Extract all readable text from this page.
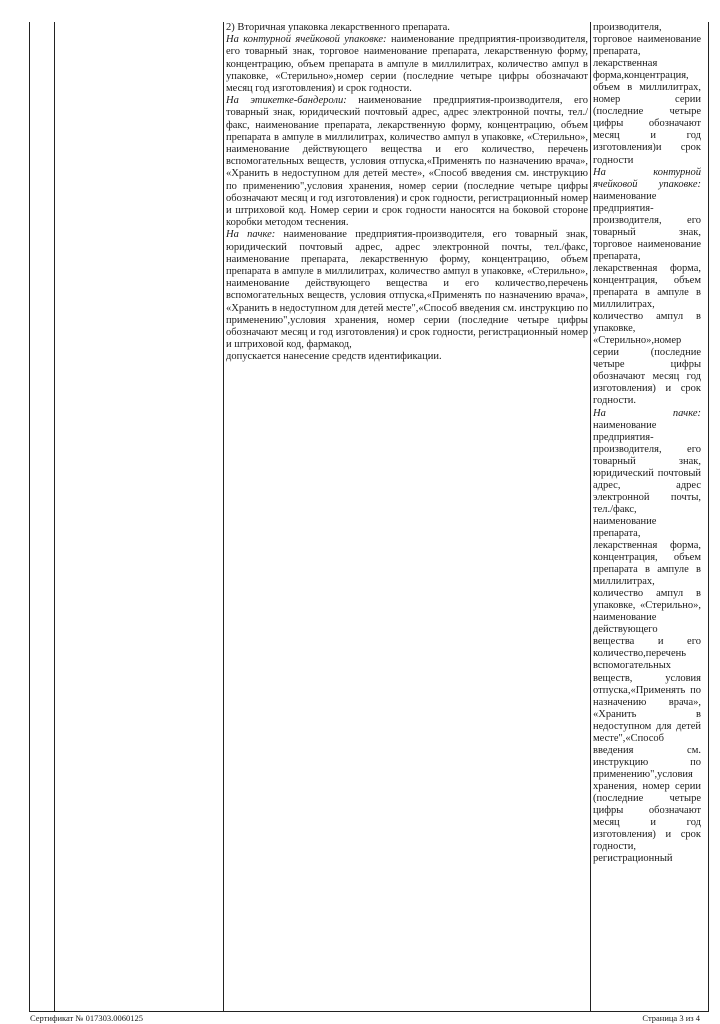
2) Вторичная упаковка лекарственного препарата.

На контурной ячейковой упаковке: наименование предприятия-производителя, его товарный знак, торговое наименование препарата, лекарственную форму, концентрацию, объем препарата в ампуле в миллилитрах, количество ампул в упаковке, «Стерильно»,номер серии (последние четыре цифры обозначают месяц год изготовления) и срок годности.

На этикетке-бандероли: наименование предприятия-производителя, его товарный знак, юридический почтовый адрес, адрес электронной почты, тел./факс, наименование препарата, лекарственную форму, концентрацию, объем препарата в ампуле в миллилитрах, количество ампул в упаковке, «Стерильно», наименование действующего вещества и его количество, перечень вспомогательных веществ, условия отпуска,«Применять по назначению врача», «Хранить в недоступном для детей месте», «Способ введения см. инструкцию по применению",условия хранения, номер серии (последние четыре цифры обозначают месяц и год изготовления) и срок годности, регистрационный номер и штриховой код. Номер серии и срок годности наносятся на боковой стороне коробки методом теснения.

На пачке: наименование предприятия-производителя, его товарный знак, юридический почтовый адрес, адрес электронной почты, тел./факс, наименование препарата, лекарственную форму, концентрацию, объем препарата в ампуле в миллилитрах, количество ампул в упаковке, «Стерильно», наименование действующего вещества и его количество,перечень вспомогательных веществ, условия отпуска,«Применять по назначению врача», «Хранить в недоступном для детей месте",«Способ введения см. инструкцию по применению",условия хранения, номер серии (последние четыре цифры обозначают месяц и год изготовления) и срок годности, регистрационный номер и штриховой код, фармакод,

допускается нанесение средств идентификации.

производителя, торговое наименование препарата, лекарственная форма,концентрация, объем в миллилитрах, номер серии (последние четыре цифры обозначают месяц и год изготовления)и срок годности

На контурной ячейковой упаковке: наименование предприятия-производителя, его товарный знак, торговое наименование препарата, лекарственная форма, концентрация, объем препарата в ампуле в миллилитрах, количество ампул в упаковке, «Стерильно»,номер серии (последние четыре цифры обозначают месяц год изготовления) и срок годности.

На пачке: наименование предприятия-производителя, его товарный знак, юридический почтовый адрес, адрес электронной почты, тел./факс, наименование препарата, лекарственная форма, концентрация, объем препарата в ампуле в миллилитрах, количество ампул в упаковке, «Стерильно», наименование действующего вещества и его количество,перечень вспомогательных веществ, условия отпуска,«Применять по назначению врача», «Хранить в недоступном для детей месте",«Способ введения см. инструкцию по применению",условия хранения, номер серии (последние четыре цифры обозначают месяц и год изготовления) и срок годности, регистрационный

Сертификат № 017303.0060125	Страница 3 из 4
